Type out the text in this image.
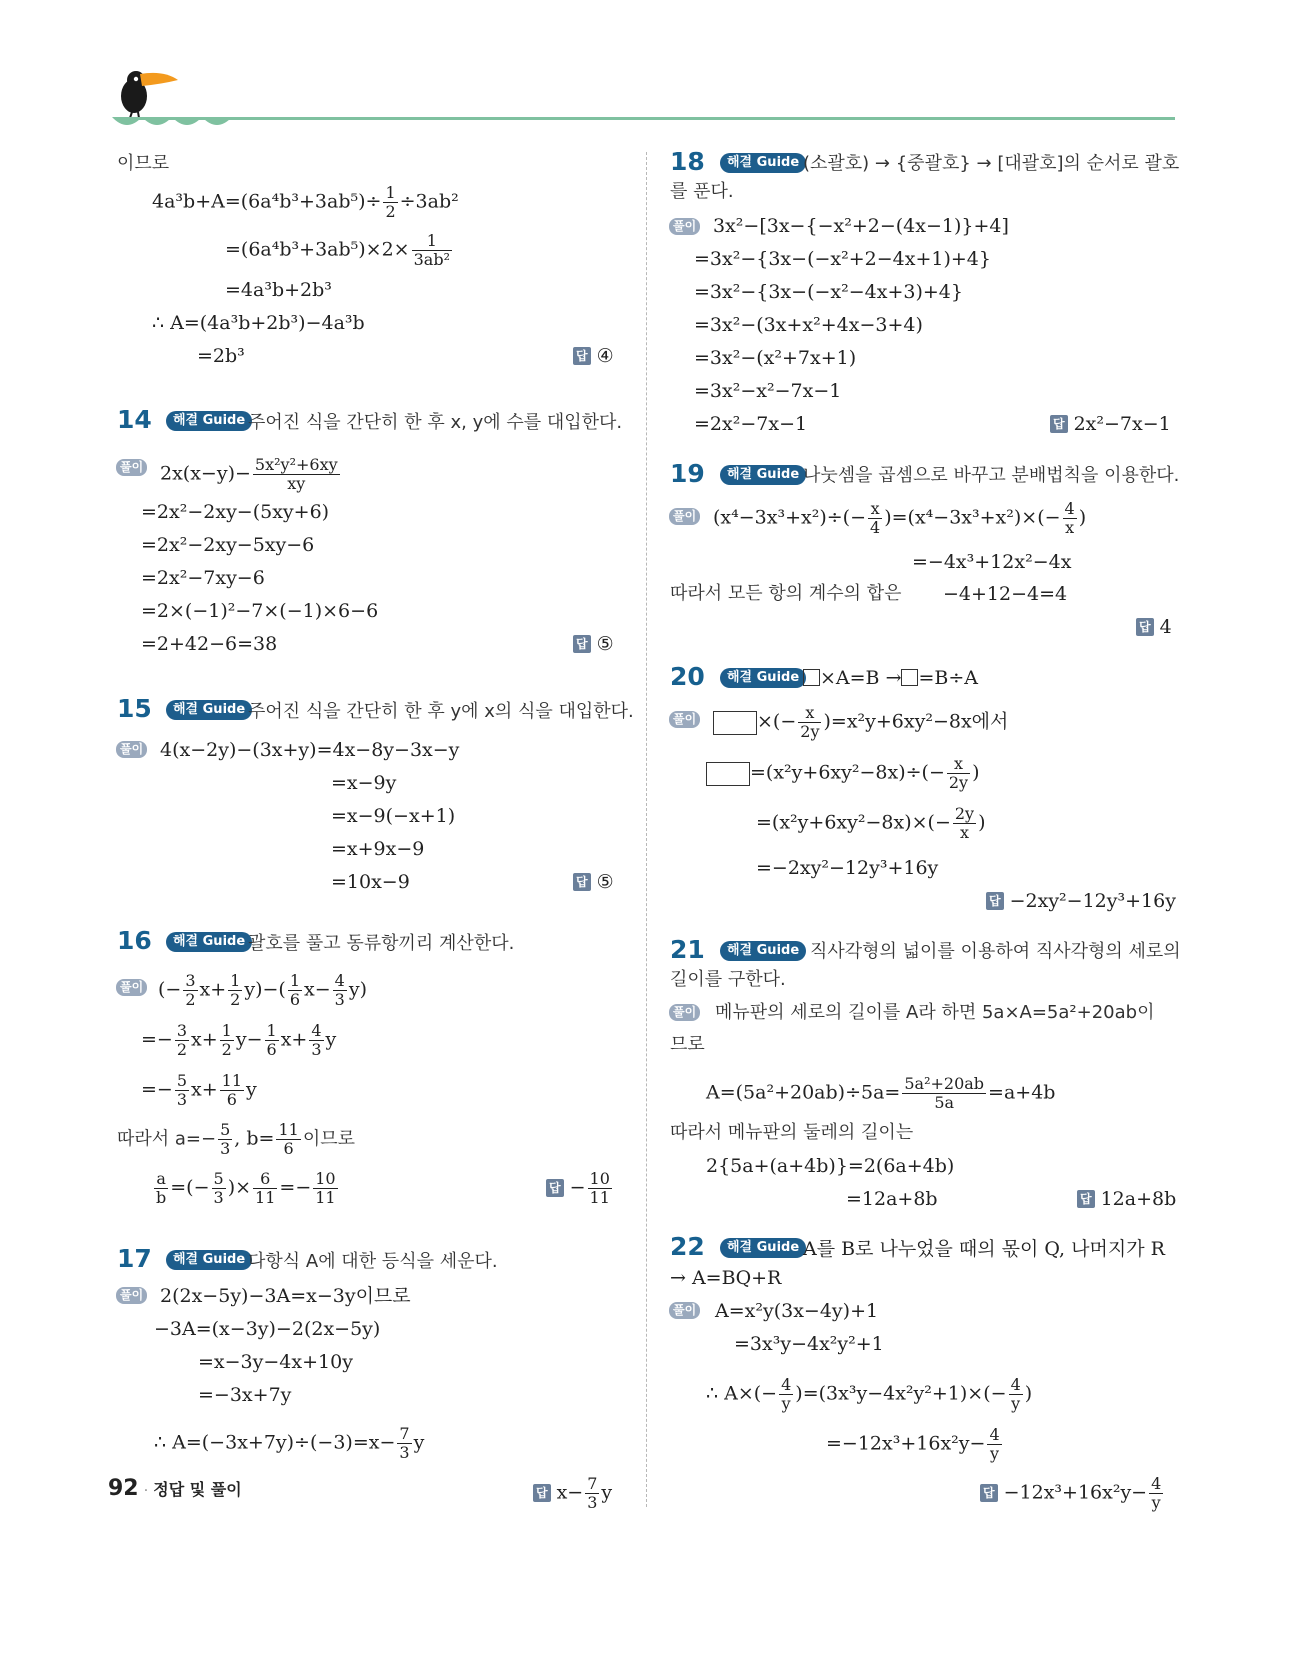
이므로
$4a^3b+A=(6a^4b^3+3ab^5)\div \frac{1}{2} \div 3ab^2$
$=(6a^4b^3+3ab^5)\times 2\times \frac{1}{\text{3ab²}}$
=4a³b+2b³
∴ A=(4a³b+2b³)−4a³b
=2b³	답 ④
14	해결 Guide 주어진 식을 간단히 한 후 x, y에 수를 대입한다.
풀이 $2x(x-y)- \frac{\text{5x²y²+6xy}}{xy}$
=2x²−2xy−(5xy+6)
=2x²−2xy−5xy−6
=2x²−7xy−6
=2×(−1)²−7×(−1)×6−6
=2+42−6=38	답 ⑤
15	해결 Guide 주어진 식을 간단히 한 후 y에 x의 식을 대입한다.
풀이 4(x−2y)−(3x+y)=4x−8y−3x−y
=x−9y
=x−9(−x+1)
=x+9x−9
=10x−9	답 ⑤
16	해결 Guide 괄호를 풀고 동류항끼리 계산한다.
풀이 (− $\frac{3}{2} x+ \frac{1}{2} y)-( \frac{1}{6} x- \frac{4}{3} y)$
=− $\frac{3}{2} x+ \frac{1}{2} y- \frac{1}{6} x+ \frac{4}{3}$ y
=− $\frac{5}{3} x+ \frac{11}{6}$ y
따라서 $a=- \frac{5}{3}$ , $b= \frac{11}{6}$ 이므로
$\frac{a}{b}$ =(− $\frac{5}{3}$ )× $\frac{6}{11} =- \frac{10}{11}$	답 − $\frac{10}{11}$
17	해결 Guide 다항식 A에 대한 등식을 세운다.
풀이 2(2x−5y)−3A=x−3y이므로
−3A=(x−3y)−2(2x−5y)
=x−3y−4x+10y
=−3x+7y
∴ $A=(-3x+7y)\div(-3)=x- \frac{7}{3}$ y
답 $x- \frac{7}{3}$ y
18	해결 Guide (소괄호) → {중괄호} → [대괄호]의 순서로 괄호
를 푼다.
풀이 3x²−[3x−{−x²+2−(4x−1)}+4]
=3x²−{3x−(−x²+2−4x+1)+4}
=3x²−{3x−(−x²−4x+3)+4}
=3x²−(3x+x²+4x−3+4)
=3x²−(x²+7x+1)
=3x²−x²−7x−1
=2x²−7x−1	답 2x²−7x−1
19	해결 Guide 나눗셈을 곱셈으로 바꾸고 분배법칙을 이용한다.
풀이 $(x^4-3x^3+x^2)\div(- \frac{x}{4} )=(x^4-3x^3+x^2)\times(- \frac{4}{x}$ )
=−4x³+12x²−4x
따라서 모든 항의 계수의 합은 −4+12−4=4
답 4
20	해결 Guide	×A=B → =B÷A
풀이	×(− $\frac{x}{2y} )=x^2y+6xy^2-8x$에서
$=(x^2y+6xy^2-8x)\div(- \frac{x}{2y}$ )
$=(x^2y+6xy^2-8x)\times(- \frac{2y}{x}$ )
=−2xy²−12y³+16y
답 −2xy²−12y³+16y
21	해결 Guide 직사각형의 넓이를 이용하여 직사각형의 세로의
길이를 구한다.
풀이 메뉴판의 세로의 길이를 A라 하면 5a×A=5a²+20ab이
므로
$A=(5a^2+20ab)\div 5a= \frac{\text{5a²+20ab}}{5a} =a+4b$
따라서 메뉴판의 둘레의 길이는
2{5a+(a+4b)}=2(6a+4b)
=12a+8b	답 12a+8b
22	해결 Guide A를 B로 나누었을 때의 몫이 Q, 나머지가 R
→ A=BQ+R
풀이 A=x²y(3x−4y)+1
=3x³y−4x²y²+1
∴ $A\times(- \frac{4}{y} )=(3x^3y-4x^2y^2+1)\times(- \frac{4}{y}$ )
$=-12x^3+16x^2y- \frac{4}{y}$
답 $-12x^3+16x^2y- \frac{4}{y}$
92 · 정답 및 풀이
